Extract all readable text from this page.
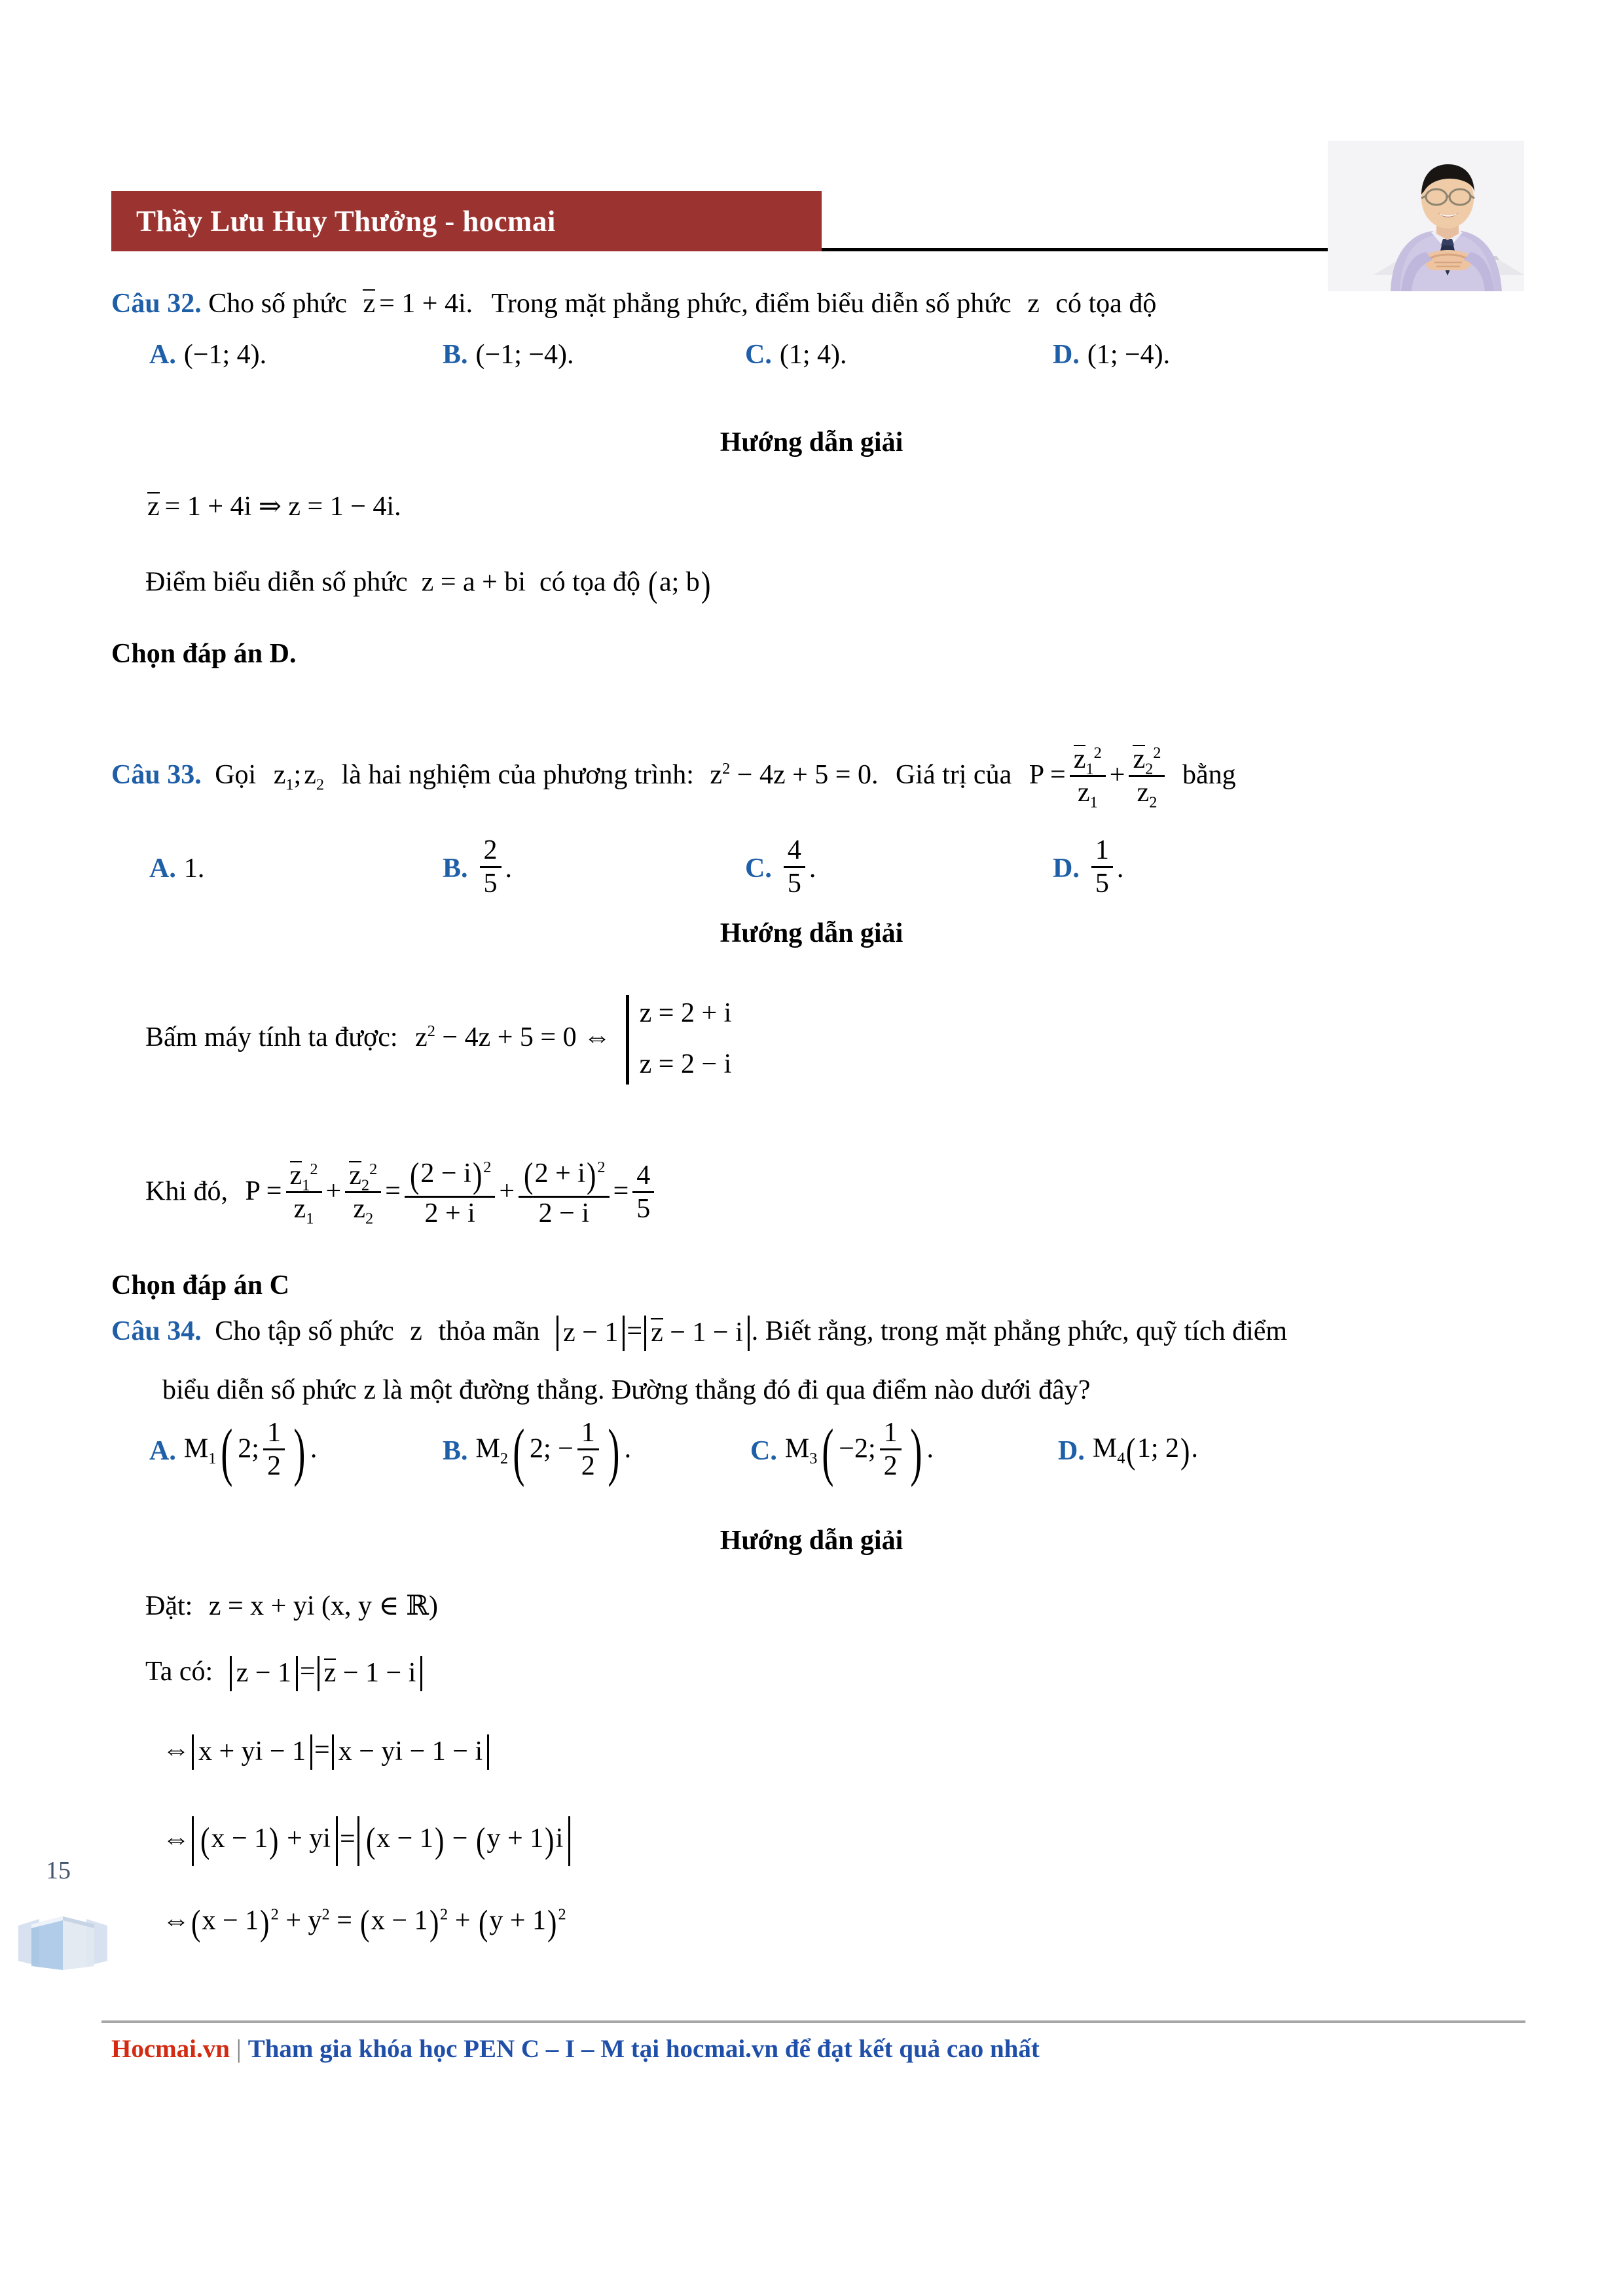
Thầy Lưu Huy Thưởng - hocmai
Câu 32. Cho số phức z = 1 + 4i. Trong mặt phẳng phức, điểm biểu diễn số phức z có tọa độ
A. (−1; 4).	B. (−1; −4).	C. (1; 4).	D. (1; −4).
Hướng dẫn giải
z = 1 + 4i ⇒ z = 1 − 4i.
Điểm biểu diễn số phức  z = a + bi  có tọa độ (a; b)
Chọn đáp án D.
Câu 33. Gọi $z_1;z_2$ là hai nghiệm của phương trình: $z^2 - 4z + 5 = 0$. Giá trị của $P = \frac{z_1^2}{z_1} + \frac{z_2^2}{z_2}$ bằng
A. 1.	B. $\frac{2}{5}$ .	C. $\frac{4}{5}$ .	D. $\frac{1}{5}$ .
Hướng dẫn giải
Bấm máy tính ta được: $z^2 - 4z + 5 = 0$ ⇔
z = 2 + i
z = 2 − i
Khi đó, $P = \frac{z_1^2}{z_1} + \frac{z_2^2}{z_2} = \frac{(2 - i)^2}{2 + i} + \frac{(2 + i)^2}{2 - i} = \frac{4}{5}$
Chọn đáp án C
Câu 34. Cho tập số phức z thỏa mãn z − 1 = z − 1 − i . Biết rằng, trong mặt phẳng phức, quỹ tích điểm
biểu diễn số phức z là một đường thẳng. Đường thẳng đó đi qua điểm nào dưới đây?
A. $M_1$( 2; $\frac{1}{2}$ ) .	B. $M_2$( 2; − $\frac{1}{2}$ ) .	C. $M_3( -2$; $\frac{1}{2}$ ) .	D. $M_4(1$; 2).
Hướng dẫn giải
Đặt: z = x + yi (x, y ∈ ℝ)
Ta có: z − 1 = z − 1 − i
⇔ x + yi − 1 = x − yi − 1 − i
⇔ (x − 1) + yi = (x − 1) − (y + 1)i
⇔(x − $1)^2 + y^2 = (x - 1)^2 + (y + 1)^2$
15
Hocmai.vn | Tham gia khóa học PEN C – I – M tại hocmai.vn để đạt kết quả cao nhất
